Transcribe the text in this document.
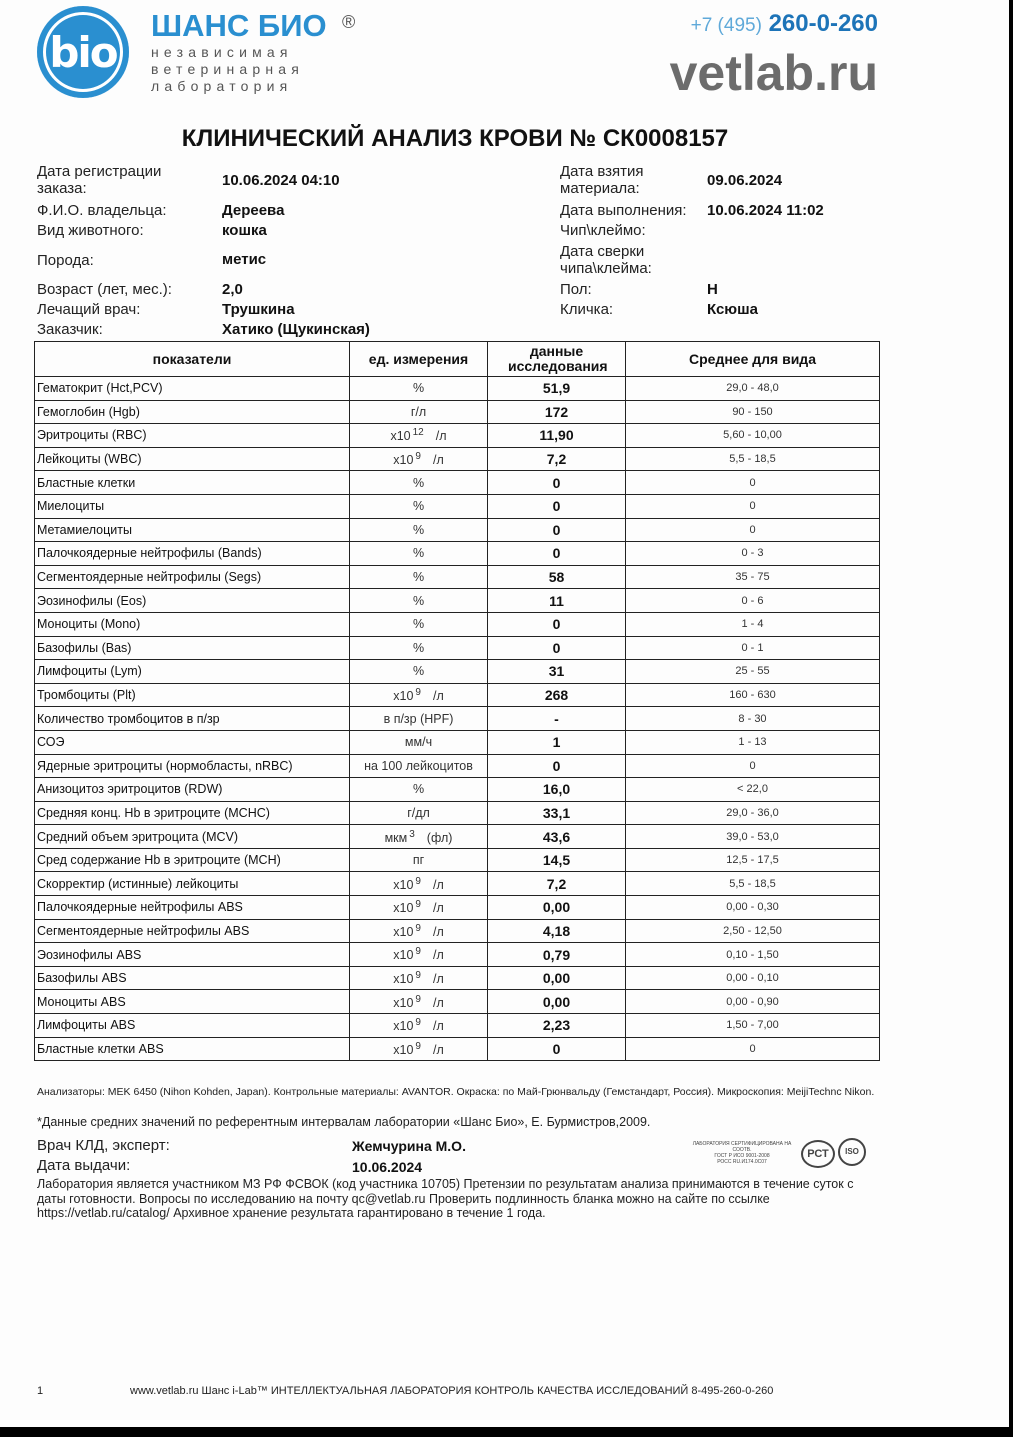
bio
ШАНС БИО ®
независимая
ветеринарная
лаборатория
+7 (495) 260-0-260
vetlab.ru
КЛИНИЧЕСКИЙ АНАЛИЗ КРОВИ № СК0008157
Дата регистрации заказа:	10.06.2024 04:10
Ф.И.О. владельца:	Дереева
Вид животного:	кошка
Порода:	метис
Возраст (лет, мес.):	2,0
Лечащий врач:	Трушкина
Заказчик:	Хатико (Щукинская)
Дата взятия материала:	09.06.2024
Дата выполнения: 10.06.2024 11:02
Чип\клеймо:
Дата сверки чипа\клейма:
Пол:	Н
Кличка:	Ксюша
показатели	ед. измерения	данные исследования	Среднее для вида
Гематокрит (Hct,PCV)	%	51,9	29,0 - 48,0
Гемоглобин (Hgb)	г/л	172	90 - 150
Эритроциты (RBC)	x10 $^{12}$ /л	11,90	5,60 - 10,00
Лейкоциты (WBC)	x10 $^9$ /л	7,2	5,5 - 18,5
Бластные клетки	%	0	0
Миелоциты	%	0	0
Метамиелоциты	%	0	0
Палочкоядерные нейтрофилы (Bands)	%	0	0 - 3
Сегментоядерные нейтрофилы (Segs)	%	58	35 - 75
Эозинофилы (Eos)	%	11	0 - 6
Моноциты (Mono)	%	0	1 - 4
Базофилы (Bas)	%	0	0 - 1
Лимфоциты (Lym)	%	31	25 - 55
Тромбоциты (Plt)	x10 $^9$ /л	268	160 - 630
Количество тромбоцитов в п/зр	в п/зр (HPF)	-	8 - 30
СОЭ	мм/ч	1	1 - 13
Ядерные эритроциты (нормобласты, nRBC)	на 100 лейкоцитов	0	0
Анизоцитоз эритроцитов (RDW)	%	16,0	< 22,0
Средняя конц. Hb в эритроците (MCHC)	г/дл	33,1	29,0 - 36,0
Средний объем эритроцита (MCV)	мкм $^3$ (фл)	43,6	39,0 - 53,0
Сред содержание Hb в эритроците (MCH)	пг	14,5	12,5 - 17,5
Скорректир (истинные) лейкоциты	x10 $^9$ /л	7,2	5,5 - 18,5
Палочкоядерные нейтрофилы ABS	x10 $^9$ /л	0,00	0,00 - 0,30
Сегментоядерные нейтрофилы ABS	x10 $^9$ /л	4,18	2,50 - 12,50
Эозинофилы ABS	x10 $^9$ /л	0,79	0,10 - 1,50
Базофилы ABS	x10 $^9$ /л	0,00	0,00 - 0,10
Моноциты ABS	x10 $^9$ /л	0,00	0,00 - 0,90
Лимфоциты ABS	x10 $^9$ /л	2,23	1,50 - 7,00
Бластные клетки ABS	x10 $^9$ /л	0	0
Анализаторы: MEK 6450 (Nihon Kohden, Japan). Контрольные материалы: AVANTOR. Окраска: по Май-Грюнвальду (Гемстандарт, Россия). Микроскопия: MeijiTechnc Nikon.
*Данные средних значений по референтным интервалам лаборатории «Шанс Био», Е. Бурмистров,2009.
Врач КЛД, эксперт:	Жемчурина М.О.
Дата выдачи:	10.06.2024
ЛАБОРАТОРИЯ СЕРТИФИЦИРОВАНА НА СООТВ.
ГОСТ Р ИСО 9001-2008
РОСС RU.И174.0С07
РСТ	ISO
Лаборатория является участником МЗ РФ ФСВОК (код участника 10705) Претензии по результатам анализа принимаются в течение суток с даты готовности. Вопросы по исследованию на почту qc@vetlab.ru Проверить подлинность бланка можно на сайте по ссылке https://vetlab.ru/catalog/ Архивное хранение результата гарантировано в течение 1 года.
1	www.vetlab.ru Шанс i-Lab™ ИНТЕЛЛЕКТУАЛЬНАЯ ЛАБОРАТОРИЯ КОНТРОЛЬ КАЧЕСТВА ИССЛЕДОВАНИЙ 8-495-260-0-260
